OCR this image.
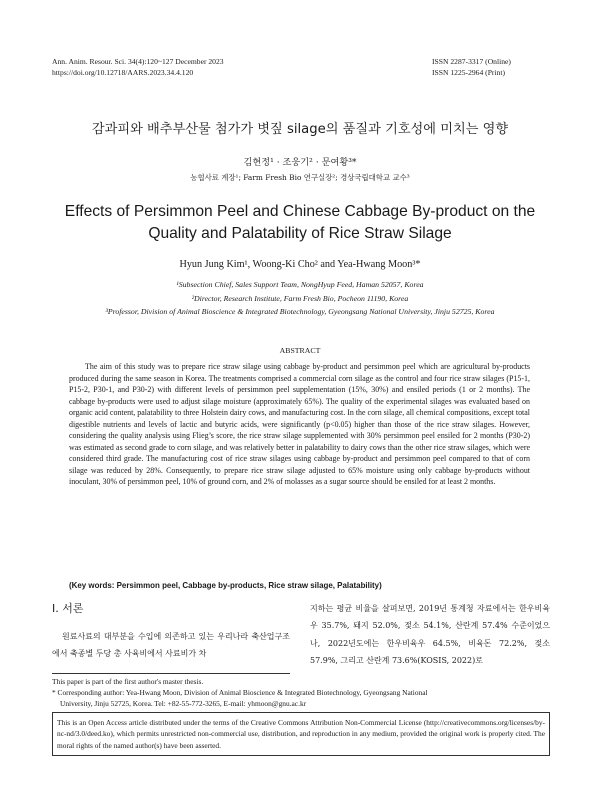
Ann. Anim. Resour. Sci. 34(4):120~127 December 2023
https://doi.org/10.12718/AARS.2023.34.4.120
ISSN 2287-3317 (Online)
ISSN 1225-2964 (Print)
감과피와 배추부산물 첨가가 볏짚 silage의 품질과 기호성에 미치는 영향
김현정¹ · 조웅기² · 문여황³*
농협사료 계장¹; Farm Fresh Bio 연구실장²; 경상국립대학교 교수³
Effects of Persimmon Peel and Chinese Cabbage By-product on the Quality and Palatability of Rice Straw Silage
Hyun Jung Kim¹, Woong-Ki Cho² and Yea-Hwang Moon³*
¹Subsection Chief, Sales Support Team, NongHyup Feed, Haman 52057, Korea
²Director, Research Institute, Farm Fresh Bio, Pocheon 11190, Korea
³Professor, Division of Animal Bioscience & Integrated Biotechnology, Gyeongsang National University, Jinju 52725, Korea
ABSTRACT
The aim of this study was to prepare rice straw silage using cabbage by-product and persimmon peel which are agricultural by-products produced during the same season in Korea. The treatments comprised a commercial corn silage as the control and four rice straw silages (P15-1, P15-2, P30-1, and P30-2) with different levels of persimmon peel supplementation (15%, 30%) and ensiled periods (1 or 2 months). The cabbage by-products were used to adjust silage moisture (approximately 65%). The quality of the experimental silages was evaluated based on organic acid content, palatability to three Holstein dairy cows, and manufacturing cost. In the corn silage, all chemical compositions, except total digestible nutrients and levels of lactic and butyric acids, were significantly (p<0.05) higher than those of the rice straw silages. However, considering the quality analysis using Flieg’s score, the rice straw silage supplemented with 30% persimmon peel ensiled for 2 months (P30-2) was estimated as second grade to corn silage, and was relatively better in palatability to dairy cows than the other rice straw silages, which were considered third grade. The manufacturing cost of rice straw silages using cabbage by-product and persimmon peel compared to that of corn silage was reduced by 28%. Consequently, to prepare rice straw silage adjusted to 65% moisture using only cabbage by-products without inoculant, 30% of persimmon peel, 10% of ground corn, and 2% of molasses as a sugar source should be ensiled for at least 2 months.
(Key words: Persimmon peel, Cabbage by-products, Rice straw silage, Palatability)
Ⅰ. 서론
원료사료의 대부분을 수입에 의존하고 있는 우리나라 축산업구조에서 축종별 두당 총 사육비에서 사료비가 차
지하는 평균 비율을 살펴보면, 2019년 통계청 자료에서는 한우비육우 35.7%, 돼지 52.0%, 젖소 54.1%, 산란계 57.4% 수준이었으나, 2022년도에는 한우비육우 64.5%, 비육돈 72.2%, 젖소 57.9%, 그리고 산란계 73.6%(KOSIS, 2022)로
This paper is part of the first author's master thesis.
* Corresponding author: Yea-Hwang Moon, Division of Animal Bioscience & Integrated Biotechnology, Gyeongsang National
University, Jinju 52725, Korea. Tel: +82-55-772-3265, E-mail: yhmoon@gnu.ac.kr
This is an Open Access article distributed under the terms of the Creative Commons Attribution Non-Commercial License (http://creativecommons.org/licenses/by-nc-nd/3.0/deed.ko), which permits unrestricted non-commercial use, distribution, and reproduction in any medium, provided the original work is properly cited. The moral rights of the named author(s) have been asserted.
